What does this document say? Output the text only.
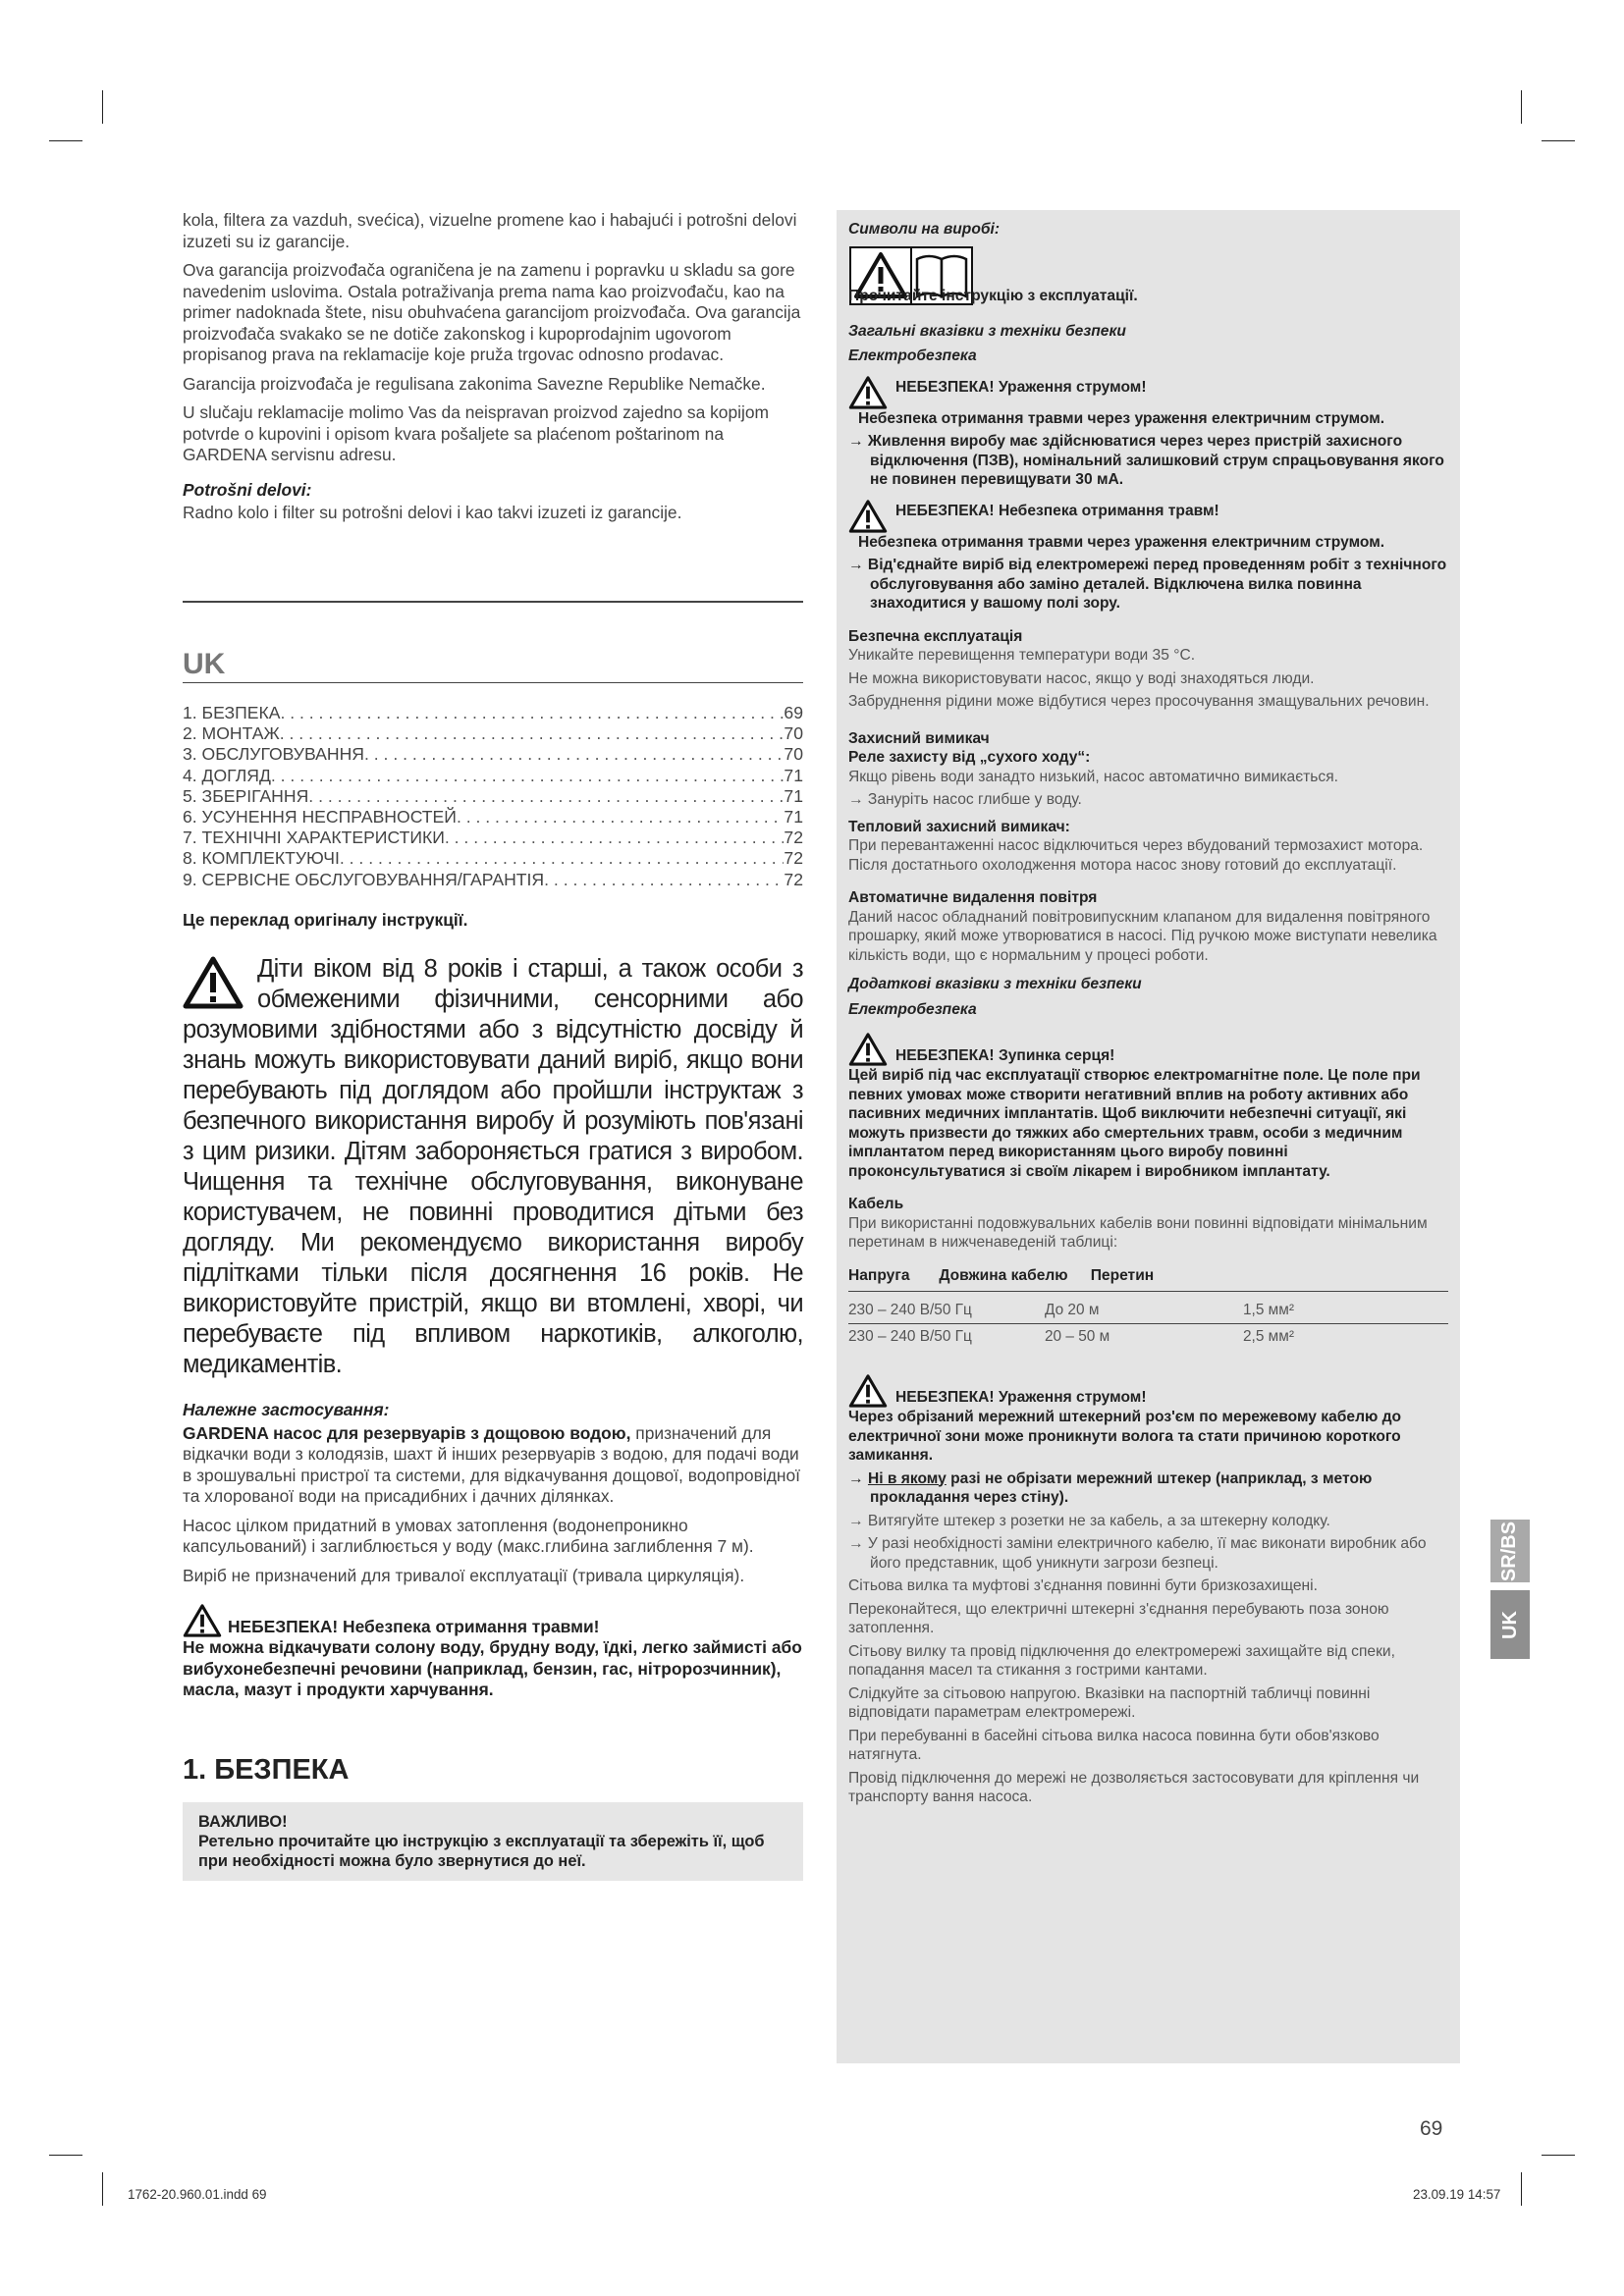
kola, filtera za vazduh, svećica), vizuelne promene kao i habajući i potrošni delovi izuzeti su iz garancije.

Ova garancija proizvođača ograničena je na zamenu i popravku u skladu sa gore navedenim uslovima. Ostala potraživanja prema nama kao proizvođaču, kao na primer nadoknada štete, nisu obuhvaćena garancijom proizvođača. Ova garancija proizvođača svakako se ne dotiče zakonskog i kupoprodajnim ugovorom propisanog prava na reklamacije koje pruža trgovac odnosno prodavac.

Garancija proizvođača je regulisana zakonima Savezne Republike Nemačke.

U slučaju reklamacije molimo Vas da neispravan proizvod zajedno sa kopijom potvrde o kupovini i opisom kvara pošaljete sa plaćenom poštarinom na GARDENA servisnu adresu.

Potrošni delovi:

Radno kolo i filter su potrošni delovi i kao takvi izuzeti iz garancije.

UK
1. БЕЗПЕКА . . .	69
2. МОНТАЖ . . .	70
3. ОБСЛУГОВУВАННЯ . . .	70
4. ДОГЛЯД . . .	71
5. ЗБЕРІГАННЯ . . .	71
6. УСУНЕННЯ НЕСПРАВНОСТЕЙ . . .	71
7. ТЕХНІЧНІ ХАРАКТЕРИСТИКИ . . .	72
8. КОМПЛЕКТУЮЧІ . . .	72
9. СЕРВІСНЕ ОБСЛУГОВУВАННЯ/ГАРАНТІЯ . . .	72

Це переклад оригіналу інструкції.

Діти віком від 8 років і старші, а також особи з обмеженими фізичними, сенсорними або розумовими здібностями або з відсутністю досвіду й знань можуть використовувати даний виріб, якщо вони перебувають під доглядом або пройшли інструктаж з безпечного використання виробу й розуміють пов'язані з цим ризики. Дітям забороняється гратися з виробом. Чищення та технічне обслуговування, виконуване користувачем, не повинні проводитися дітьми без догляду. Ми рекомендуємо використання виробу підлітками тільки після досягнення 16 років. Не використовуйте пристрій, якщо ви втомлені, хворі, чи перебуваєте під впливом наркотиків, алкоголю, медикаментів.
Належне застосування:

GARDENA насос для резервуарів з дощовою водою, призначений для відкачки води з колодязів, шахт й інших резервуарів з водою, для подачі води в зрошувальні пристрої та системи, для відкачування дощової, водопровідної та хлорованої води на присадибних і дачних ділянках.

Насос цілком придатний в умовах затоплення (водонепроникно капсульований) і заглиблюється у воду (макс.глибина заглиблення 7 м).

Виріб не призначений для тривалої експлуатації (тривала циркуляція).

НЕБЕЗПЕКА! Небезпека отримання травми!

Не можна відкачувати солону воду, брудну воду, їдкі, легко займисті або вибухонебезпечні речовини (наприклад, бензин, гас, нітророзчинник), масла, мазут і продукти харчування.

1. БЕЗПЕКА
ВАЖЛИВО!
Ретельно прочитайте цю інструкцію з експлуатації та збережіть її, щоб при необхідності можна було звернутися до неї.
Символи на виробі:
Прочитайте інструкцію з експлуатації.
Загальні вказівки з техніки безпеки
Електробезпека
НЕБЕЗПЕКА! Ураження струмом!

Небезпека отримання травми через ураження електричним струмом.

→ Живлення виробу має здійснюватися через через пристрій захисного відключення (ПЗВ), номінальний залишковий струм спрацьовування якого не повинен перевищувати 30 мА.

НЕБЕЗПЕКА! Небезпека отримання травм!

Небезпека отримання травми через ураження електричним струмом.

→ Від'єднайте виріб від електромережі перед проведенням робіт з технічного обслуговування або заміно деталей. Відключена вилка повинна знаходитися у вашому полі зору.

Безпечна експлуатація

Уникайте перевищення температури води 35 °C.

Не можна використовувати насос, якщо у воді знаходяться люди.

Забруднення рідини може відбутися через просочування змащувальних речовин.

Захисний вимикач
Реле захисту від „сухого ходу“:

Якщо рівень води занадто низький, насос автоматично вимикається.

→ Зануріть насос глибше у воду.

Тепловий захисний вимикач:

При перевантаженні насос відключиться через вбудований термозахист мотора. Після достатнього охолодження мотора насос знову готовий до експлуатації.

Автоматичне видалення повітря

Даний насос обладнаний повітровипускним клапаном для видалення повітряного прошарку, який може утворюватися в насосі. Під ручкою може виступати невелика кількість води, що є нормальним у процесі роботи.

Додаткові вказівки з техніки безпеки
Електробезпека
НЕБЕЗПЕКА! Зупинка серця!

Цей виріб під час експлуатації створює електромагнітне поле. Це поле при певних умовах може створити негативний вплив на роботу активних або пасивних медичних імплантатів. Щоб виключити небезпечні ситуації, які можуть призвести до тяжких або смертельних травм, особи з медичним імплантатом перед використанням цього виробу повинні проконсультуватися зі своїм лікарем і виробником імплантату.

Кабель

При використанні подовжувальних кабелів вони повинні відповідати мінімальним перетинам в нижченаведеній таблиці:

Напруга Довжина кабелю Перетин
230 – 240 В/50 Гц	До 20 м	1,5 мм²
230 – 240 В/50 Гц	20 – 50 м	2,5 мм²
НЕБЕЗПЕКА! Ураження струмом!

Через обрізаний мережний штекерний роз'єм по мережевому кабелю до електричної зони може проникнути волога та стати причиною короткого замикання.

→ Ні в якому разі не обрізати мережний штекер (наприклад, з метою прокладання через стіну).

→ Витягуйте штекер з розетки не за кабель, а за штекерну колодку.

→ У разі необхідності заміни електричного кабелю, її має виконати виробник або його представник, щоб уникнути загрози безпеці.

Сітьова вилка та муфтові з'єднання повинні бути бризкозахищені.

Переконайтеся, що електричні штекерні з'єднання перебувають поза зоною затоплення.

Сітьову вилку та провід підключення до електромережі захищайте від спеки, попадання масел та стикання з гострими кантами.

Слідкуйте за сітьовою напругою. Вказівки на паспортній табличці повинні відповідати параметрам електромережі.

При перебуванні в басейні сітьова вилка насоса повинна бути обов'язково натягнута.

Провід підключення до мережі не дозволяється застосовувати для кріплення чи транспорту вання насоса.

SR/BS
UK
69
1762-20.960.01.indd 69	23.09.19 14:57
